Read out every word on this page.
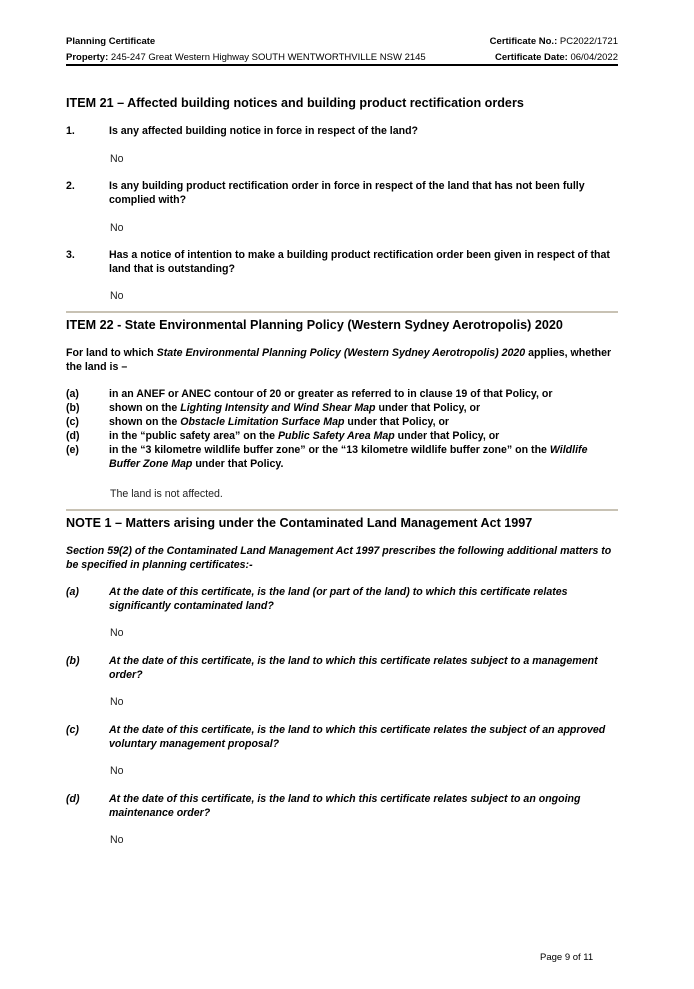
Planning Certificate	Certificate No.: PC2022/1721
Property: 245-247 Great Western Highway SOUTH WENTWORTHVILLE NSW 2145	Certificate Date: 06/04/2022
ITEM 21 – Affected building notices and building product rectification orders
1.	Is any affected building notice in force in respect of the land?
No
2.	Is any building product rectification order in force in respect of the land that has not been fully complied with?
No
3.	Has a notice of intention to make a building product rectification order been given in respect of that land that is outstanding?
No
ITEM 22 - State Environmental Planning Policy (Western Sydney Aerotropolis) 2020
For land to which State Environmental Planning Policy (Western Sydney Aerotropolis) 2020 applies, whether the land is –
(a)	in an ANEF or ANEC contour of 20 or greater as referred to in clause 19 of that Policy, or
(b)	shown on the Lighting Intensity and Wind Shear Map under that Policy, or
(c)	shown on the Obstacle Limitation Surface Map under that Policy, or
(d)	in the “public safety area” on the Public Safety Area Map under that Policy, or
(e)	in the “3 kilometre wildlife buffer zone” or the “13 kilometre wildlife buffer zone” on the Wildlife Buffer Zone Map under that Policy.
The land is not affected.
NOTE 1 – Matters arising under the Contaminated Land Management Act 1997
Section 59(2) of the Contaminated Land Management Act 1997 prescribes the following additional matters to be specified in planning certificates:-
(a)	At the date of this certificate, is the land (or part of the land) to which this certificate relates significantly contaminated land?
No
(b)	At the date of this certificate, is the land to which this certificate relates subject to a management order?
No
(c)	At the date of this certificate, is the land to which this certificate relates the subject of an approved voluntary management proposal?
No
(d)	At the date of this certificate, is the land to which this certificate relates subject to an ongoing maintenance order?
No
Page 9 of 11
